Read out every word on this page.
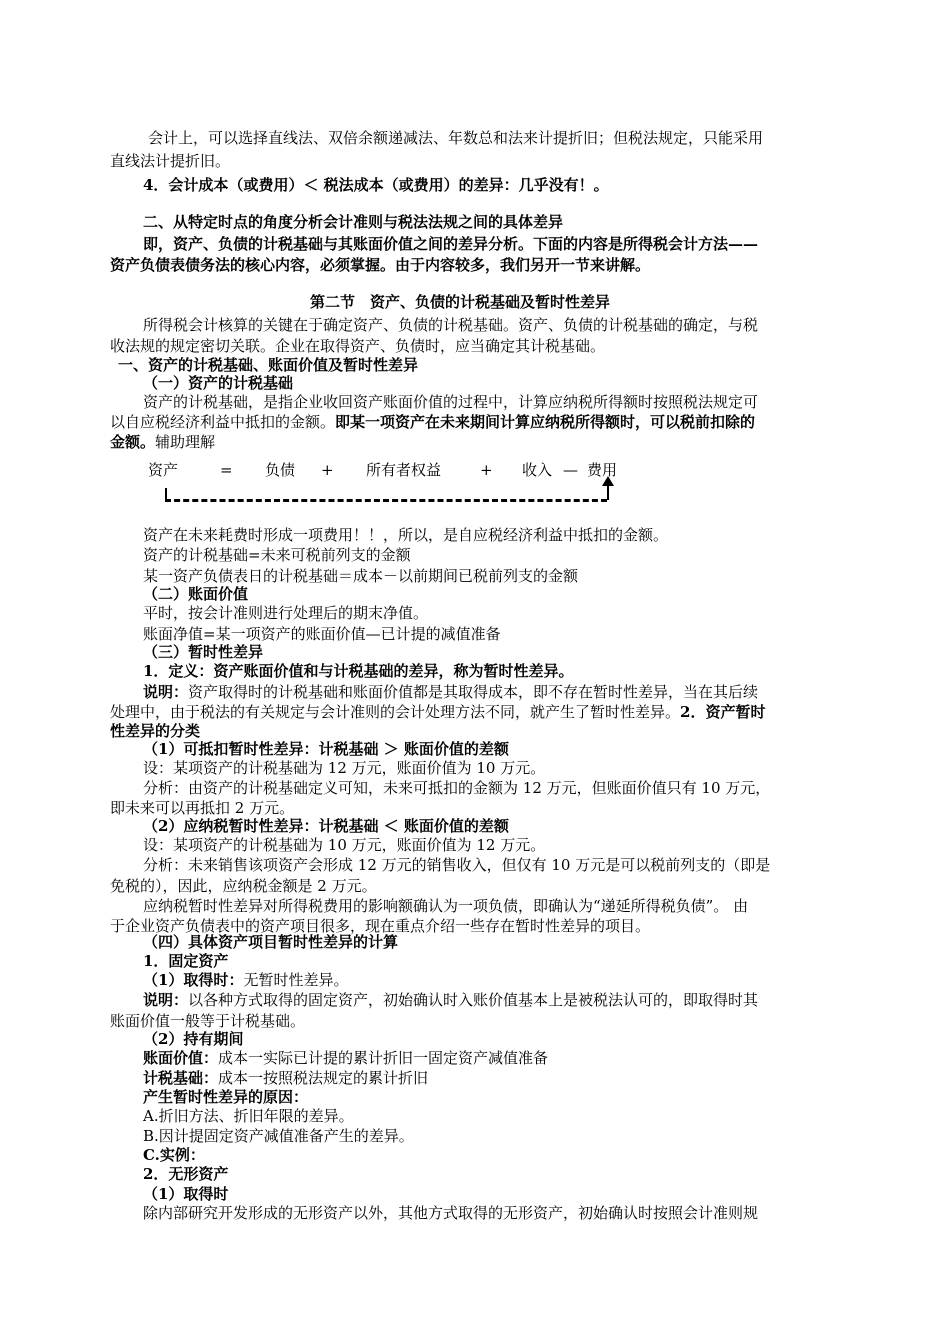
会计上，可以选择直线法、双倍余额递减法、年数总和法来计提折旧；但税法规定，只能采用
直线法计提折旧。
4．会计成本（或费用）＜ 税法成本（或费用）的差异：几乎没有！。
二、从特定时点的角度分析会计准则与税法法规之间的具体差异
即，资产、负债的计税基础与其账面价值之间的差异分析。下面的内容是所得税会计方法——
资产负债表债务法的核心内容，必须掌握。由于内容较多，我们另开一节来讲解。
第二节　资产、负债的计税基础及暂时性差异
所得税会计核算的关键在于确定资产、负债的计税基础。资产、负债的计税基础的确定，与税
收法规的规定密切关联。企业在取得资产、负债时，应当确定其计税基础。
一、资产的计税基础、账面价值及暂时性差异
（一）资产的计税基础
资产的计税基础，是指企业收回资产账面价值的过程中，计算应纳税所得额时按照税法规定可
以自应税经济利益中抵扣的金额。即某一项资产在未来期间计算应纳税所得额时，可以税前扣除的
金额。辅助理解
资产	= 负债 + 所有者权益	+ 收入 — 费用
资产在未来耗费时形成一项费用！！，所以，是自应税经济利益中抵扣的金额。
资产的计税基础=未来可税前列支的金额
某一资产负债表日的计税基础＝成本－以前期间已税前列支的金额
（二）账面价值
平时，按会计准则进行处理后的期末净值。
账面净值=某一项资产的账面价值—已计提的减值准备
（三）暂时性差异
1．定义：资产账面价值和与计税基础的差异，称为暂时性差异。
说明：资产取得时的计税基础和账面价值都是其取得成本，即不存在暂时性差异，当在其后续
处理中，由于税法的有关规定与会计准则的会计处理方法不同，就产生了暂时性差异。2．资产暂时
性差异的分类
（1）可抵扣暂时性差异：计税基础 ＞ 账面价值的差额
设：某项资产的计税基础为 12 万元，账面价值为 10 万元。
分析：由资产的计税基础定义可知，未来可抵扣的金额为 12 万元，但账面价值只有 10 万元，
即未来可以再抵扣 2 万元。
（2）应纳税暂时性差异：计税基础 ＜ 账面价值的差额
设：某项资产的计税基础为 10 万元，账面价值为 12 万元。
分析：未来销售该项资产会形成 12 万元的销售收入，但仅有 10 万元是可以税前列支的（即是
免税的），因此，应纳税金额是 2 万元。
应纳税暂时性差异对所得税费用的影响额确认为一项负债，即确认为“递延所得税负债”。 由
于企业资产负债表中的资产项目很多，现在重点介绍一些存在暂时性差异的项目。
（四）具体资产项目暂时性差异的计算
1．固定资产
（1）取得时：无暂时性差异。
说明：以各种方式取得的固定资产，初始确认时入账价值基本上是被税法认可的，即取得时其
账面价值一般等于计税基础。
（2）持有期间
账面价值：成本一实际已计提的累计折旧一固定资产减值准备
计税基础：成本一按照税法规定的累计折旧
产生暂时性差异的原因：
A.折旧方法、折旧年限的差异。
B.因计提固定资产减值准备产生的差异。
C.实例：
2．无形资产
（1）取得时
除内部研究开发形成的无形资产以外，其他方式取得的无形资产，初始确认时按照会计准则规
